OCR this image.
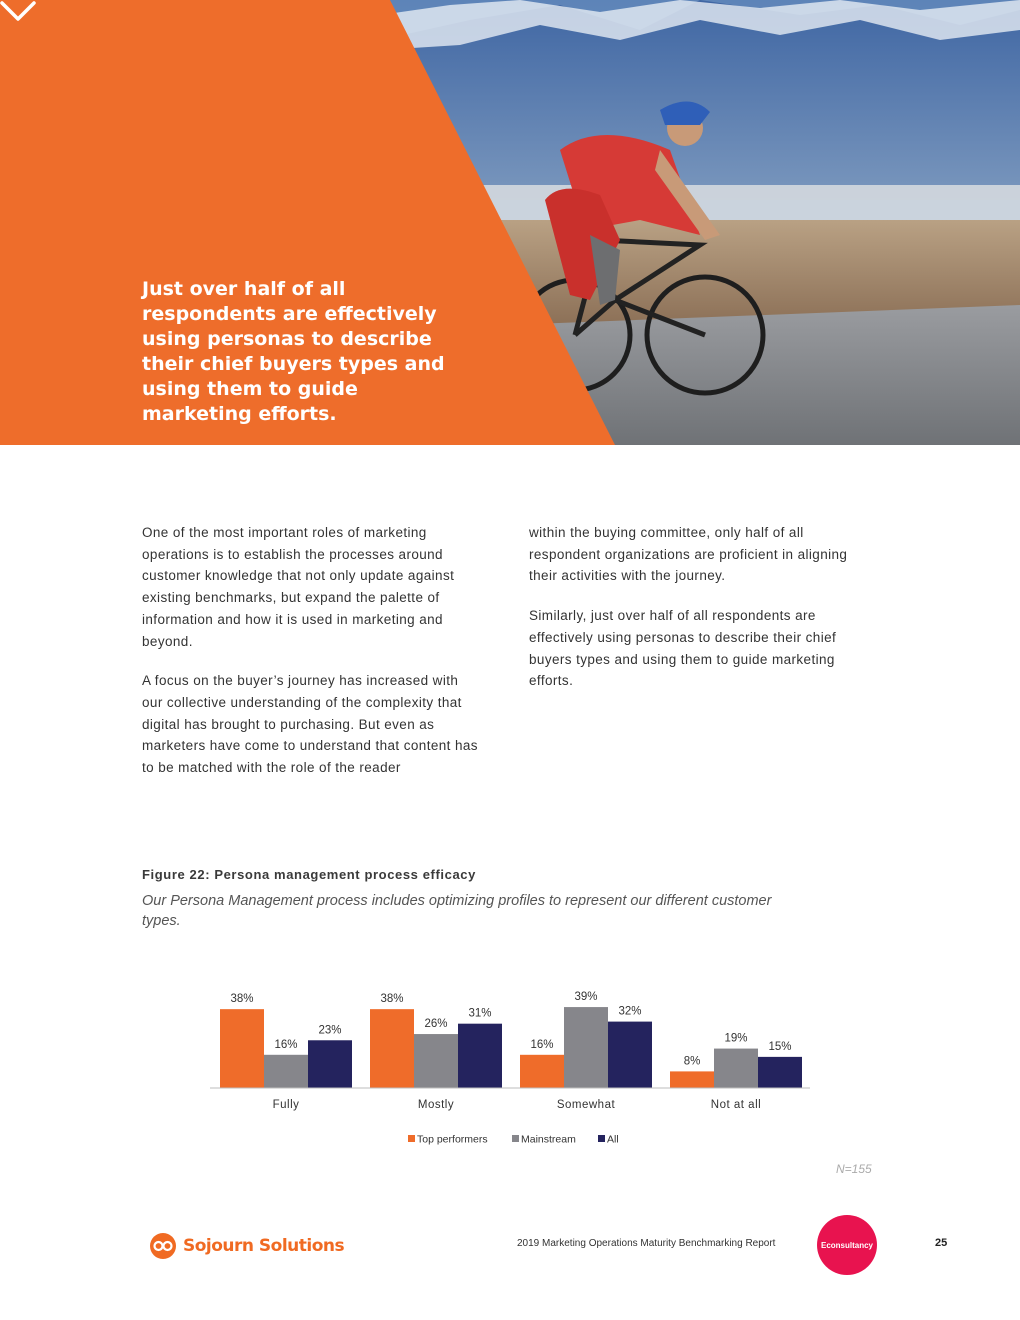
Just over half of all respondents are effectively using personas to describe their chief buyers types and using them to guide marketing efforts.

One of the most important roles of marketing operations is to establish the processes around customer knowledge that not only update against existing benchmarks, but expand the palette of information and how it is used in marketing and beyond.

A focus on the buyer’s journey has increased with our collective understanding of the complexity that digital has brought to purchasing. But even as marketers have come to understand that content has to be matched with the role of the reader

within the buying committee, only half of all respondent organizations are proficient in aligning their activities with the journey.

Similarly, just over half of all respondents are effectively using personas to describe their chief buyers types and using them to guide marketing efforts.

Figure 22: Persona management process efficacy
Our Persona Management process includes optimizing profiles to represent our different customer types.
38%
16%
23%
Fully
38%
26%
31%
Mostly
16%
39%
32%
Somewhat
8%
19%
15%
Not at all
Top performers	Mainstream	All
N=155
Sojourn Solutions	2019 Marketing Operations Maturity Benchmarking Report	Econsultancy	25
